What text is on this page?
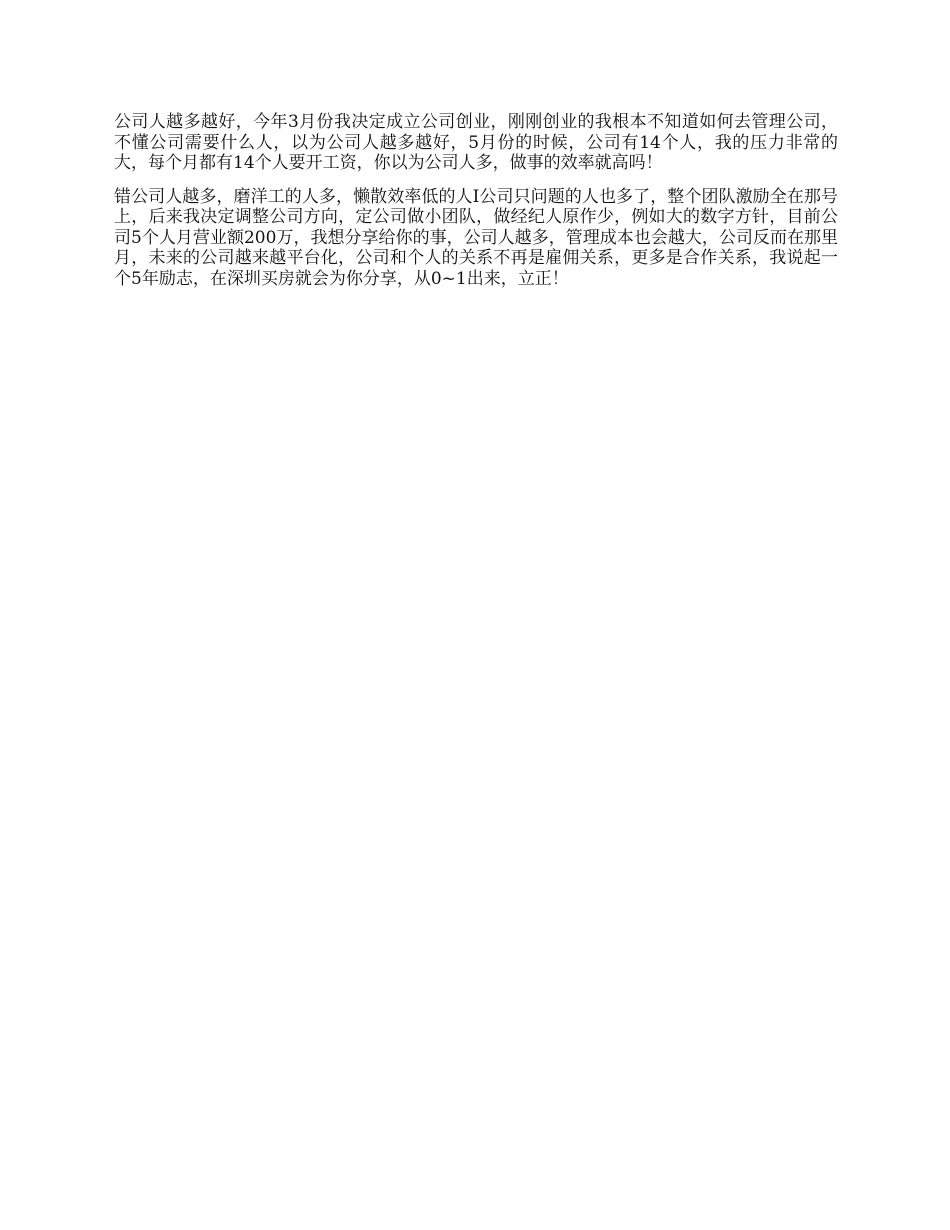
公司人越多越好，今年3月份我决定成立公司创业，刚刚创业的我根本不知道如何去管理公司，不懂公司需要什么人，以为公司人越多越好，5月份的时候，公司有14个人，我的压力非常的大，每个月都有14个人要开工资，你以为公司人多，做事的效率就高吗！

错公司人越多，磨洋工的人多，懒散效率低的人I公司只问题的人也多了，整个团队激励全在那号上，后来我决定调整公司方向，定公司做小团队，做经纪人原作少，例如大的数字方针，目前公司5个人月营业额200万，我想分享给你的事，公司人越多，管理成本也会越大，公司反而在那里月，未来的公司越来越平台化，公司和个人的关系不再是雇佣关系，更多是合作关系，我说起一个5年励志，在深圳买房就会为你分享，从0~1出来，立正！
